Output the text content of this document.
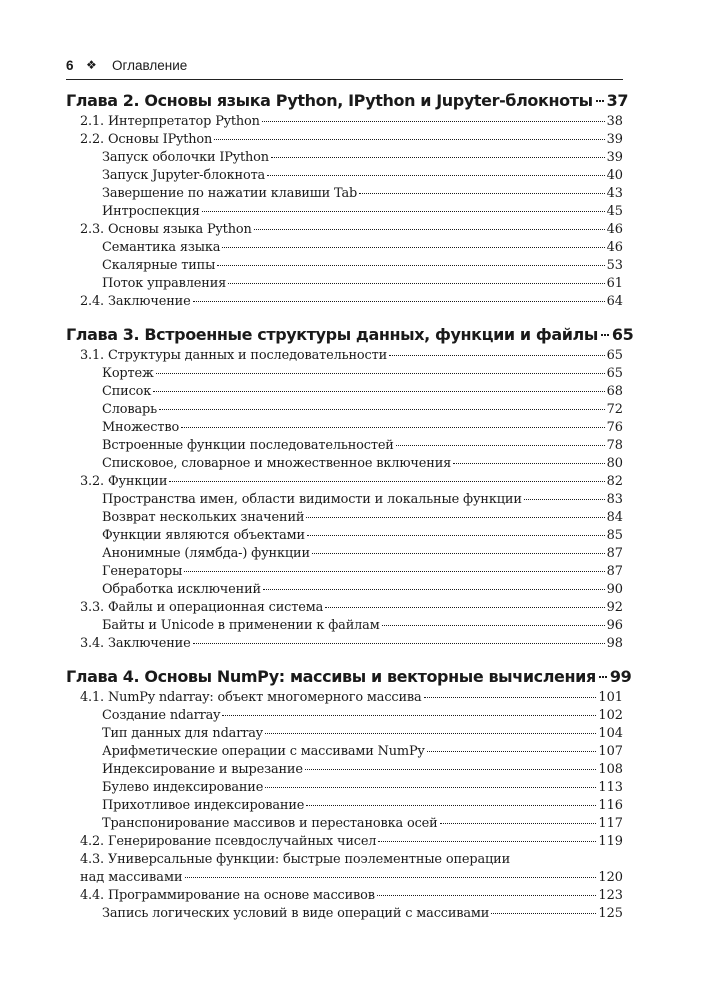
6	❖	Оглавление
Глава 2. Основы языка Python, IPython и Jupyter-блокноты 37
2.1. Интерпретатор Python	38
2.2. Основы IPython	39
Запуск оболочки IPython	39
Запуск Jupyter-блокнота	40
Завершение по нажатии клавиши Tab	43
Интроспекция	45
2.3. Основы языка Python	46
Семантика языка	46
Скалярные типы	53
Поток управления	61
2.4. Заключение	64
Глава 3. Встроенные структуры данных, функции и файлы 65
3.1. Структуры данных и последовательности	65
Кортеж	65
Список	68
Словарь	72
Множество	76
Встроенные функции последовательностей	78
Списковое, словарное и множественное включения	80
3.2. Функции	82
Пространства имен, области видимости и локальные функции	83
Возврат нескольких значений	84
Функции являются объектами	85
Анонимные (лямбда-) функции	87
Генераторы	87
Обработка исключений	90
3.3. Файлы и операционная система	92
Байты и Unicode в применении к файлам	96
3.4. Заключение	98
Глава 4. Основы NumPy: массивы и векторные вычисления 99
4.1. NumPy ndarray: объект многомерного массива	101
Создание ndarray	102
Тип данных для ndarray	104
Арифметические операции с массивами NumPy	107
Индексирование и вырезание	108
Булево индексирование	113
Прихотливое индексирование	116
Транспонирование массивов и перестановка осей	117
4.2. Генерирование псевдослучайных чисел	119
4.3. Универсальные функции: быстрые поэлементные операции
над массивами	120
4.4. Программирование на основе массивов	123
Запись логических условий в виде операций с массивами	125
